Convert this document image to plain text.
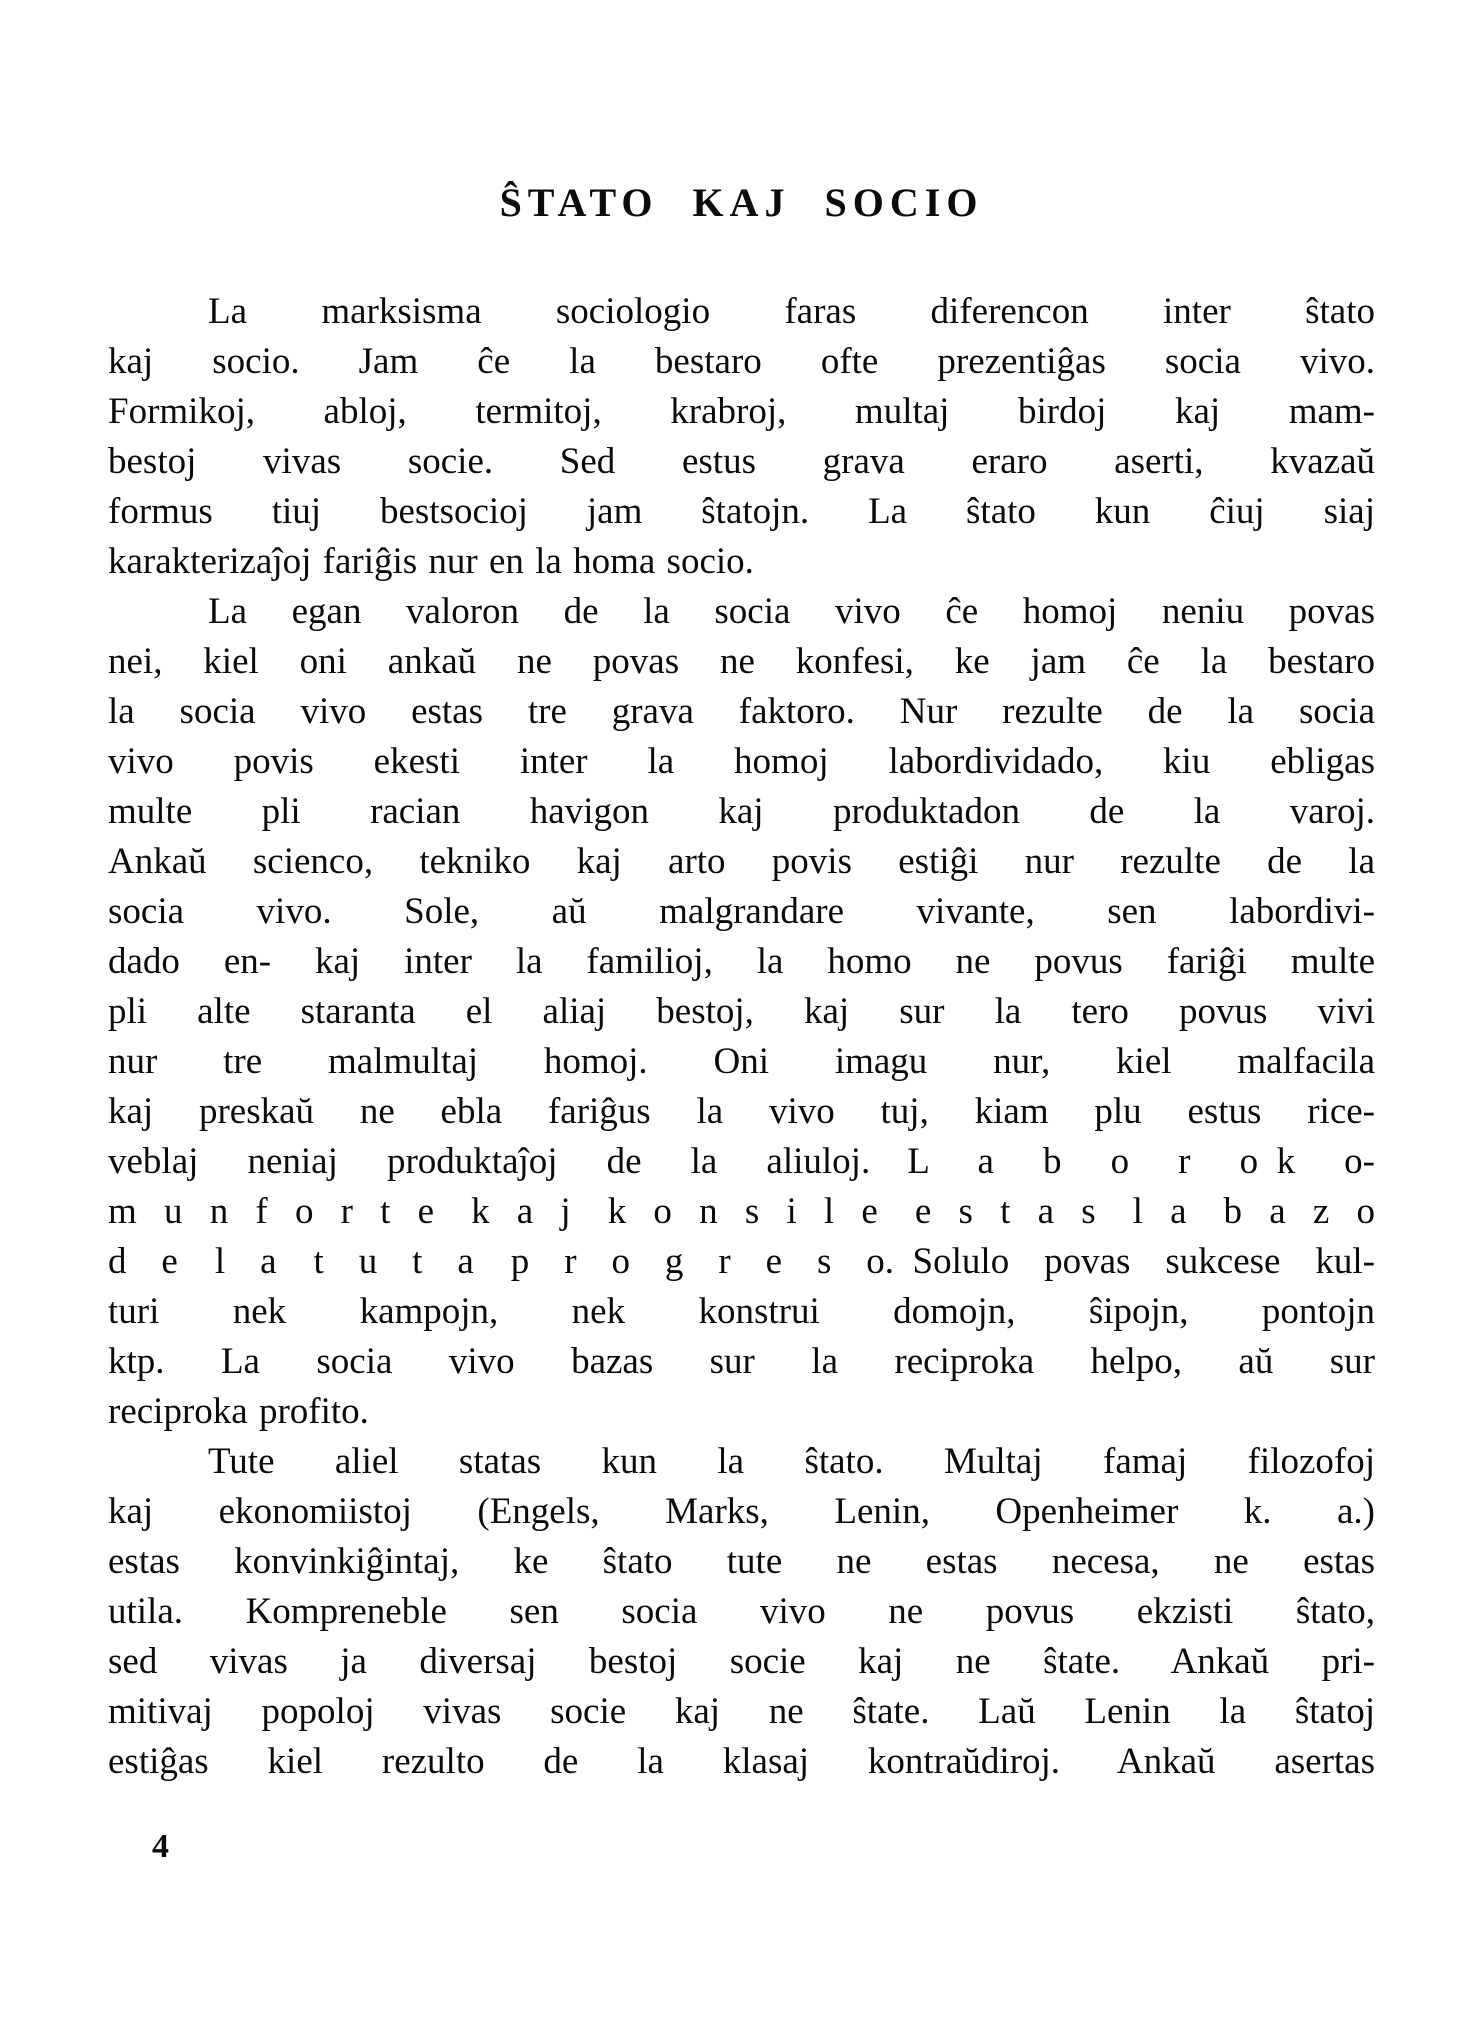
ŜTATO KAJ SOCIO
La marksisma sociologio faras diferencon inter ŝtato
kaj socio. Jam ĉe la bestaro ofte prezentiĝas socia vivo.
Formikoj, abloj, termitoj, krabroj, multaj birdoj kaj mam-
bestoj vivas socie. Sed estus grava eraro aserti, kvazaŭ
formus tiuj bestsocioj jam ŝtatojn. La ŝtato kun ĉiuj siaj
karakterizaĵoj fariĝis nur en la homa socio.
La egan valoron de la socia vivo ĉe homoj neniu povas
nei, kiel oni ankaŭ ne povas ne konfesi, ke jam ĉe la bestaro
la socia vivo estas tre grava faktoro. Nur rezulte de la socia
vivo povis ekesti inter la homoj labordividado, kiu ebligas
multe pli racian havigon kaj produktadon de la varoj.
Ankaŭ scienco, tekniko kaj arto povis estiĝi nur rezulte de la
socia vivo. Sole, aŭ malgrandare vivante, sen labordivi-
dado en- kaj inter la familioj, la homo ne povus fariĝi multe
pli alte staranta el aliaj bestoj, kaj sur la tero povus vivi
nur tre malmultaj homoj. Oni imagu nur, kiel malfacila
kaj preskaŭ ne ebla fariĝus la vivo tuj, kiam plu estus rice-
veblaj neniaj produktaĵoj de la aliuloj. L a b o r o k o-
m u n f o r t e k a j k o n s i l e e s t a s l a b a z o
d e l a t u t a p r o g r e s o. Solulo povas sukcese kul-
turi nek kampojn, nek konstrui domojn, ŝipojn, pontojn
ktp. La socia vivo bazas sur la reciproka helpo, aŭ sur
reciproka profito.
Tute aliel statas kun la ŝtato. Multaj famaj filozofoj
kaj ekonomiistoj (Engels, Marks, Lenin, Openheimer k. a.)
estas konvinkiĝintaj, ke ŝtato tute ne estas necesa, ne estas
utila. Kompreneble sen socia vivo ne povus ekzisti ŝtato,
sed vivas ja diversaj bestoj socie kaj ne ŝtate. Ankaŭ pri-
mitivaj popoloj vivas socie kaj ne ŝtate. Laŭ Lenin la ŝtatoj
estiĝas kiel rezulto de la klasaj kontraŭdiroj. Ankaŭ asertas
4
